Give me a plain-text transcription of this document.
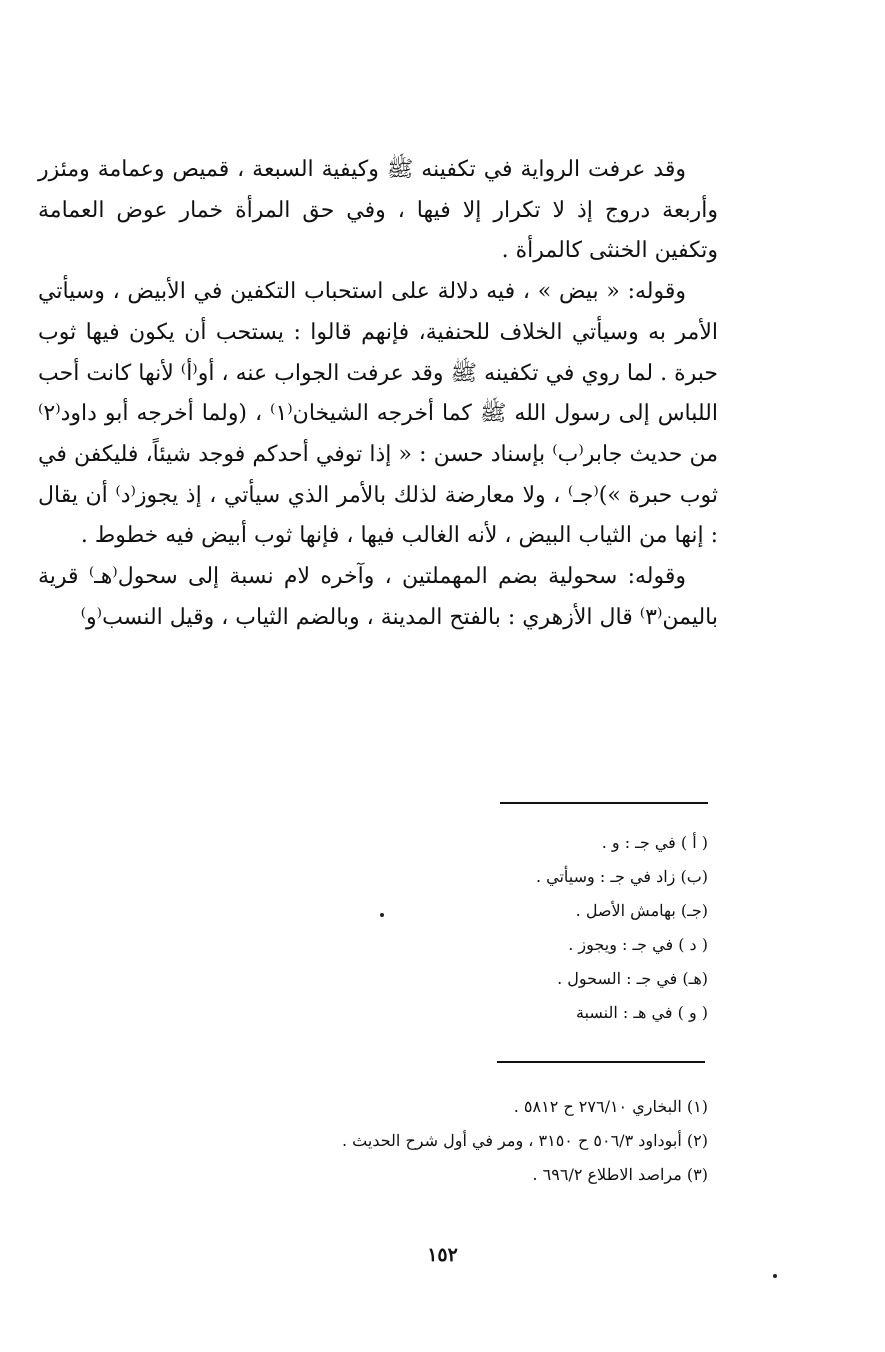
وقد عرفت الرواية في تكفينه ﷺ وكيفية السبعة ، قميص وعمامة ومئزر وأربعة دروج إذ لا تكرار إلا فيها ، وفي حق المرأة خمار عوض العمامة وتكفين الخنثى كالمرأة .

وقوله: « بيض » ، فيه دلالة على استحباب التكفين في الأبيض ، وسيأتي الأمر به وسيأتي الخلاف للحنفية، فإنهم قالوا : يستحب أن يكون فيها ثوب حبرة . لما روي في تكفينه ﷺ وقد عرفت الجواب عنه ، أو⁽أ⁾ لأنها كانت أحب اللباس إلى رسول الله ﷺ كما أخرجه الشيخان⁽١⁾ ، (ولما أخرجه أبو داود⁽٢⁾ من حديث جابر⁽ب⁾ بإسناد حسن : « إذا توفي أحدكم فوجد شيئاً، فليكفن في ثوب حبرة »)⁽جـ⁾ ، ولا معارضة لذلك بالأمر الذي سيأتي ، إذ يجوز⁽د⁾ أن يقال : إنها من الثياب البيض ، لأنه الغالب فيها ، فإنها ثوب أبيض فيه خطوط .

وقوله: سحولية بضم المهملتين ، وآخره لام نسبة إلى سحول⁽هـ⁾ قرية باليمن⁽٣⁾ قال الأزهري : بالفتح المدينة ، وبالضم الثياب ، وقيل النسب⁽و⁾

( أ ) في جـ : و .
(ب) زاد في جـ : وسيأتي .
(جـ) بهامش الأصل .
( د ) في جـ : ويجوز .
(هـ) في جـ : السحول .
( و ) في هـ : النسبة
(١) البخاري ٢٧٦/١٠ ح ٥٨١٢ .
(٢) أبوداود ٥٠٦/٣ ح ٣١٥٠ ، ومر في أول شرح الحديث .
(٣) مراصد الاطلاع ٦٩٦/٢ .
١٥٢
